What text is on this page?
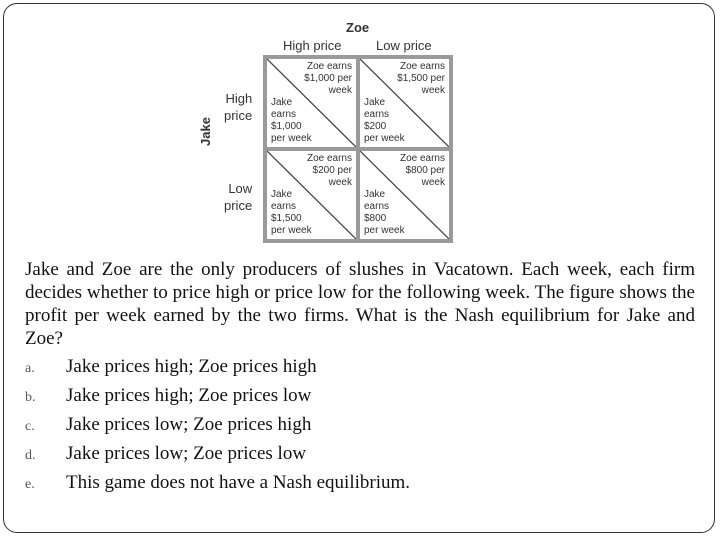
Zoe
High price	Low price
Jake
High
price
Low
price
Zoe earns
$1,000 per
week
Jake
earns
$1,000
per week
Zoe earns
$1,500 per
week
Jake
earns
$200
per week
Zoe earns
$200 per
week
Jake
earns
$1,500
per week
Zoe earns
$800 per
week
Jake
earns
$800
per week
Jake and Zoe are the only producers of slushes in Vacatown. Each week, each firm decides whether to price high or price low for the following week. The figure shows the profit per week earned by the two firms. What is the Nash equilibrium for Jake and Zoe?
a. Jake prices high; Zoe prices high
b. Jake prices high; Zoe prices low
c. Jake prices low; Zoe prices high
d. Jake prices low; Zoe prices low
e. This game does not have a Nash equilibrium.
